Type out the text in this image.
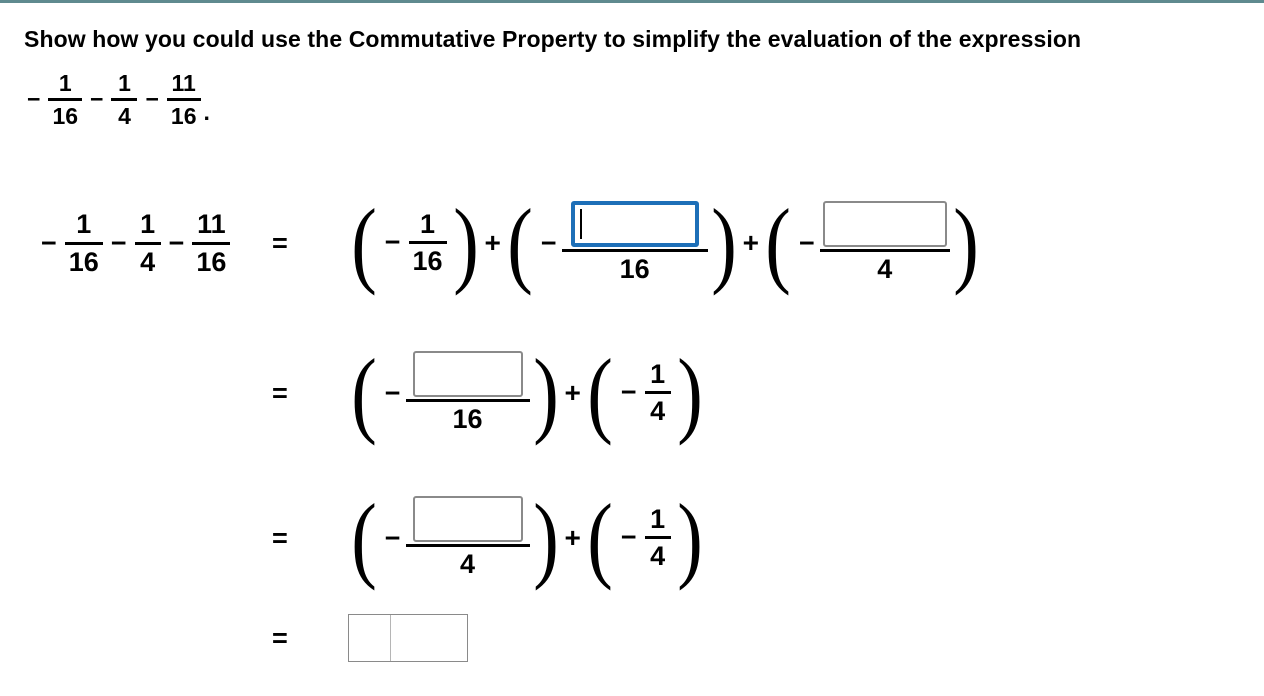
Show how you could use the Commutative Property to simplify the evaluation of the expression
− $\frac{1}{16} - \frac{1}{4} - \frac{11}{16}$ .
− $\frac{1}{16} - \frac{1}{4} - \frac{11}{16}$ = ( − $\frac{1}{16}$ ) + ( −
16 ) + ( −
4 )
= ( −
16 ) + ( − $\frac{1}{4}$ )
= ( −
4 ) + ( − $\frac{1}{4}$ )
=
